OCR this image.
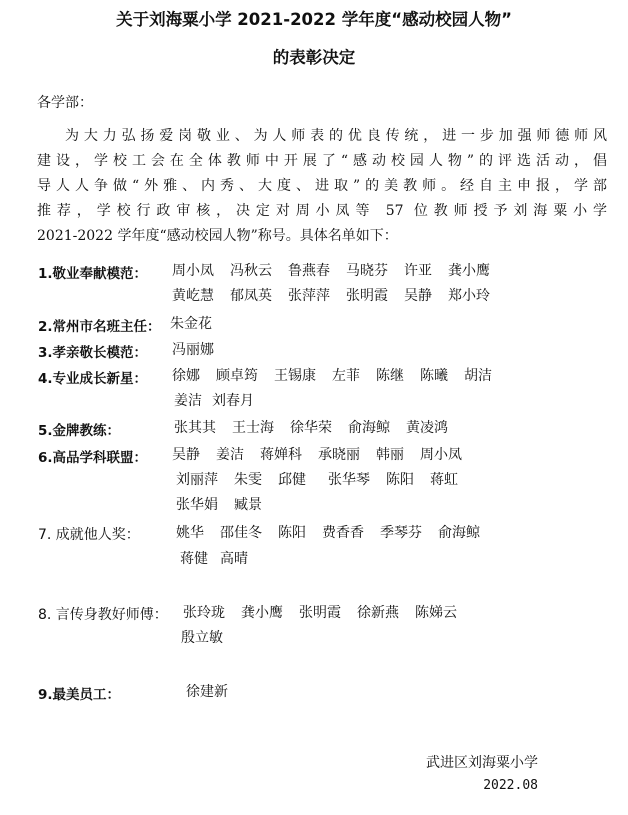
关于刘海粟小学 2021-2022 学年度“感动校园人物”
的表彰决定
各学部：
为大力弘扬爱岗敬业、为人师表的优良传统，进一步加强师德师风
建设，学校工会在全体教师中开展了“感动校园人物”的评选活动，倡
导人人争做“外雅、内秀、大度、进取”的美教师。经自主申报，学部
推荐，学校行政审核，决定对周小凤等 57 位教师授予刘海粟小学
2021-2022 学年度“感动校园人物”称号。具体名单如下：
1.敬业奉献模范： 周小凤 冯秋云 鲁燕春 马晓芬 许亚 龚小鹰
黄屹慧 郁凤英 张萍萍 张明霞 吴静 郑小玲
2.常州市名班主任： 朱金花
3.孝亲敬长模范： 冯丽娜
4.专业成长新星： 徐娜 顾卓筠 王锡康 左菲 陈继 陈曦 胡洁
姜洁 刘春月
5.金牌教练：	张其其 王士海 徐华荣 俞海鲸 黄凌鸿
6.高品学科联盟： 吴静 姜洁 蒋婵科 承晓丽 韩丽 周小凤
刘丽萍 朱雯 邱健 张华琴 陈阳 蒋虹
张华娟 臧景
7. 成就他人奖：	姚华 邵佳冬 陈阳 费香香 季琴芬 俞海鲸
蒋健 高晴
8. 言传身教好师傅： 张玲珑 龚小鹰 张明霞 徐新燕 陈娣云
殷立敏
9.最美员工：	徐建新
武进区刘海粟小学
2022.08
